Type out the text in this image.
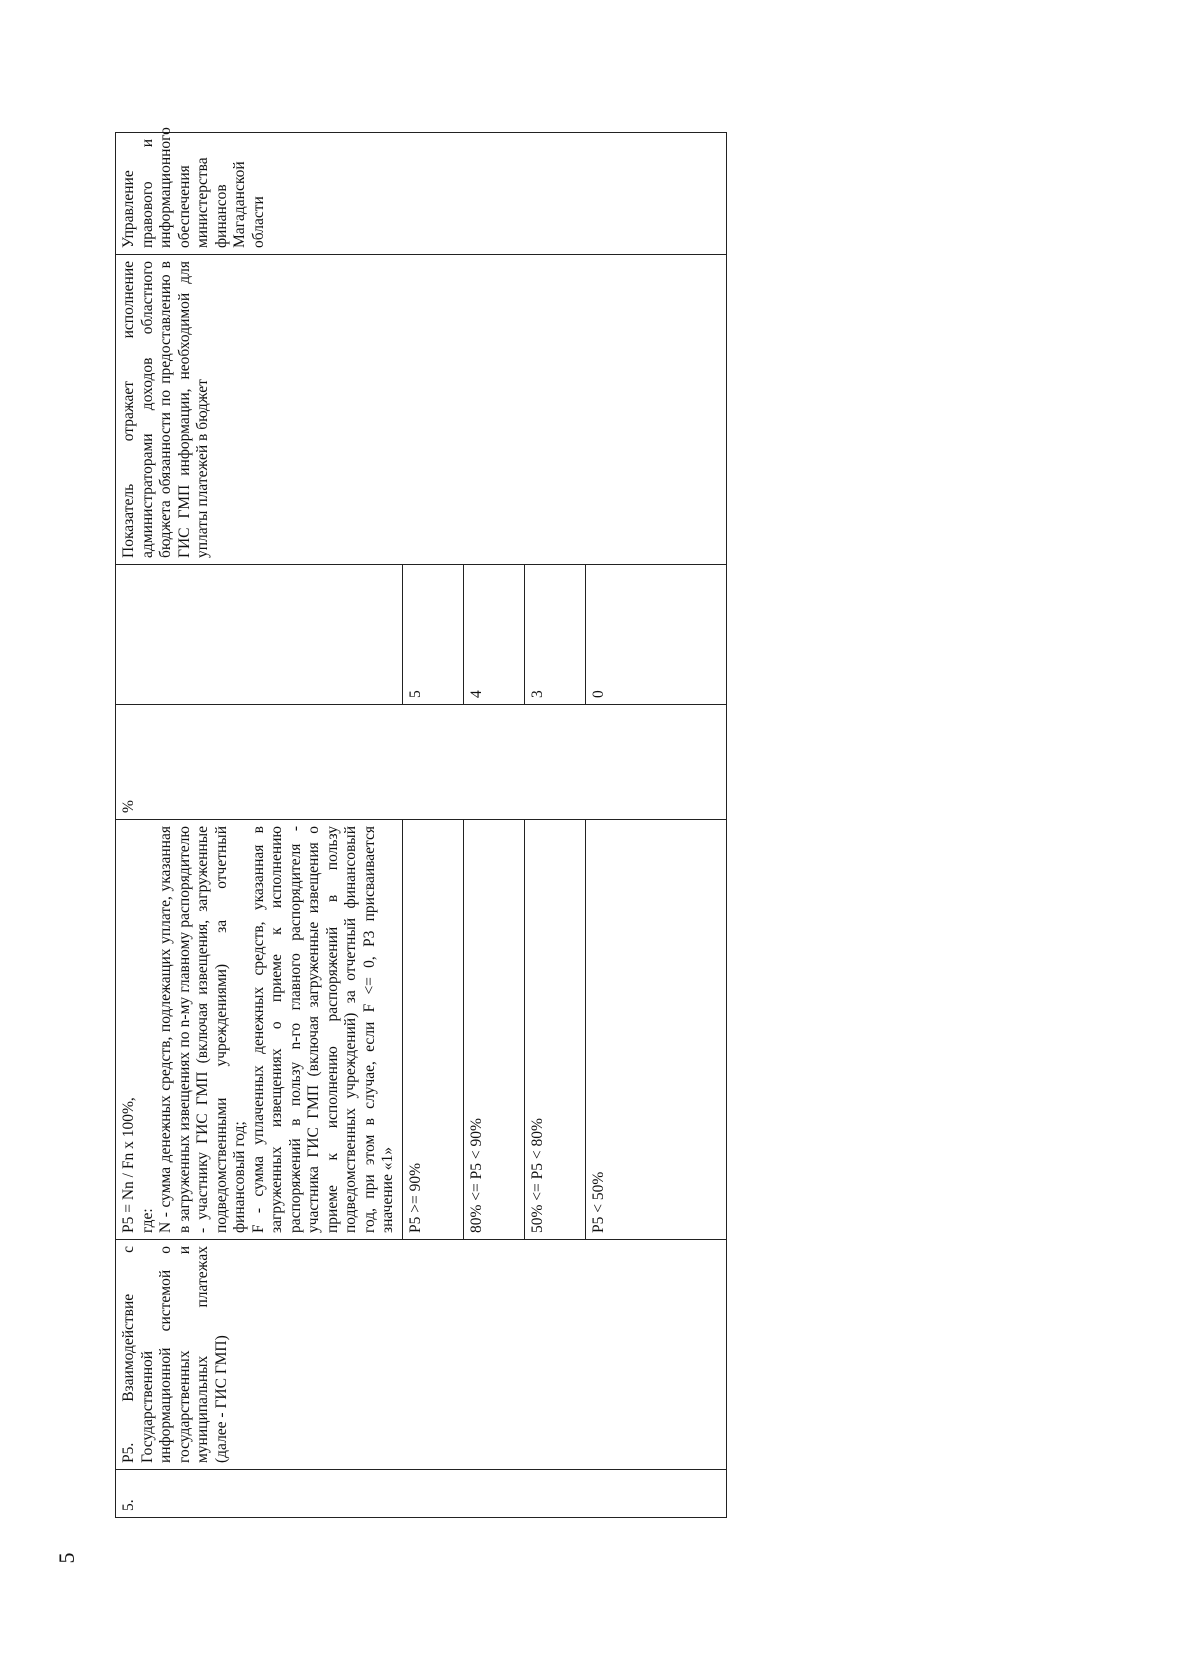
5
5.	P5. Взаимодействие с Государственной информационной системой о государственных и муниципальных платежах (далее - ГИС ГМП)	P5 = Nn / Fn x 100%, где: N - сумма денежных средств, подлежащих уплате, указанная в загруженных извещениях по n-му главному распорядителю - участнику ГИС ГМП (включая извещения, загруженные подведомственными учреждениями) за отчетный финансовый год; F - сумма уплаченных денежных средств, указанная в загруженных извещениях о приеме к исполнению распоряжений в пользу n-го главного распорядителя - участника ГИС ГМП (включая загруженные извещения о приеме к исполнению распоряжений в пользу подведомственных учреждений) за отчетный финансовый год, при этом в случае, если F <= 0, P3 присваивается значение «1»	%		Показатель отражает исполнение администраторами доходов областного бюджета обязанности по предоставлению в ГИС ГМП информации, необходимой для уплаты платежей в бюджет	Управление правового и информационного обеспечения министерства финансов Магаданской области
		P5 >= 90%		5		
		80% <= P5 < 90%		4		
		50% <= P5 < 80%		3		
		P5 < 50%		0		
